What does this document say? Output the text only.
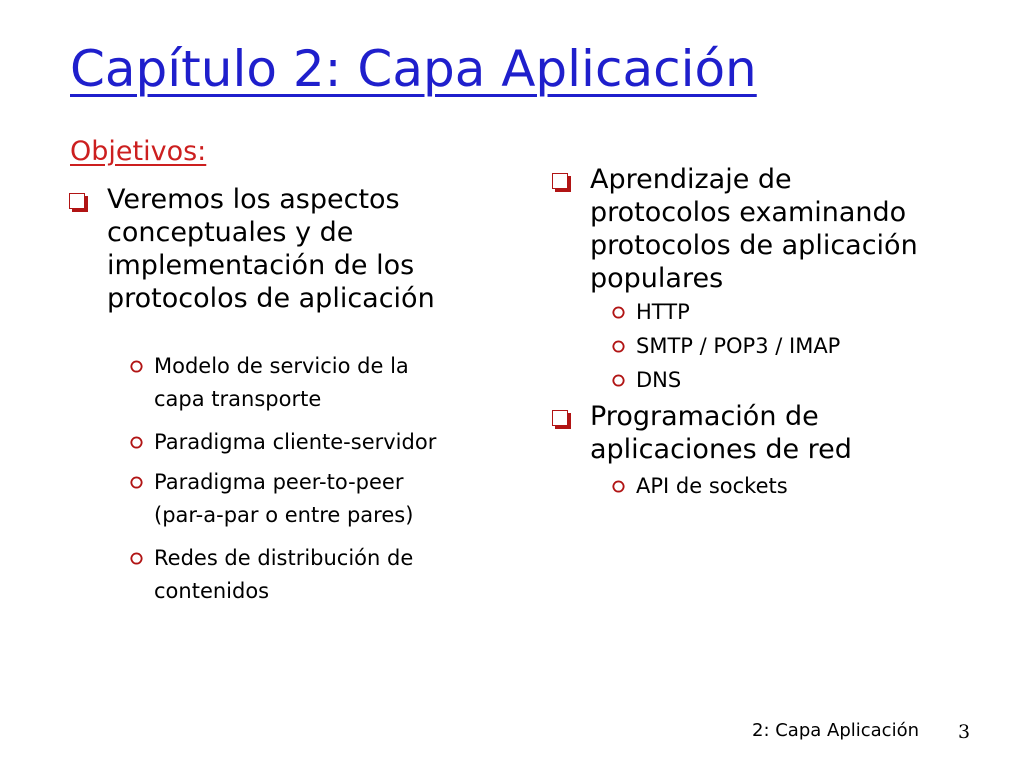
Capítulo 2: Capa Aplicación
Objetivos:
Veremos los aspectos
conceptuales y de
implementación de los
protocolos de aplicación
Modelo de servicio de la
capa transporte
Paradigma cliente-servidor
Paradigma peer-to-peer
(par-a-par o entre pares)
Redes de distribución de
contenidos
Aprendizaje de
protocolos examinando
protocolos de aplicación
populares
HTTP
SMTP / POP3 / IMAP
DNS
Programación de
aplicaciones de red
API de sockets
2: Capa Aplicación 3
